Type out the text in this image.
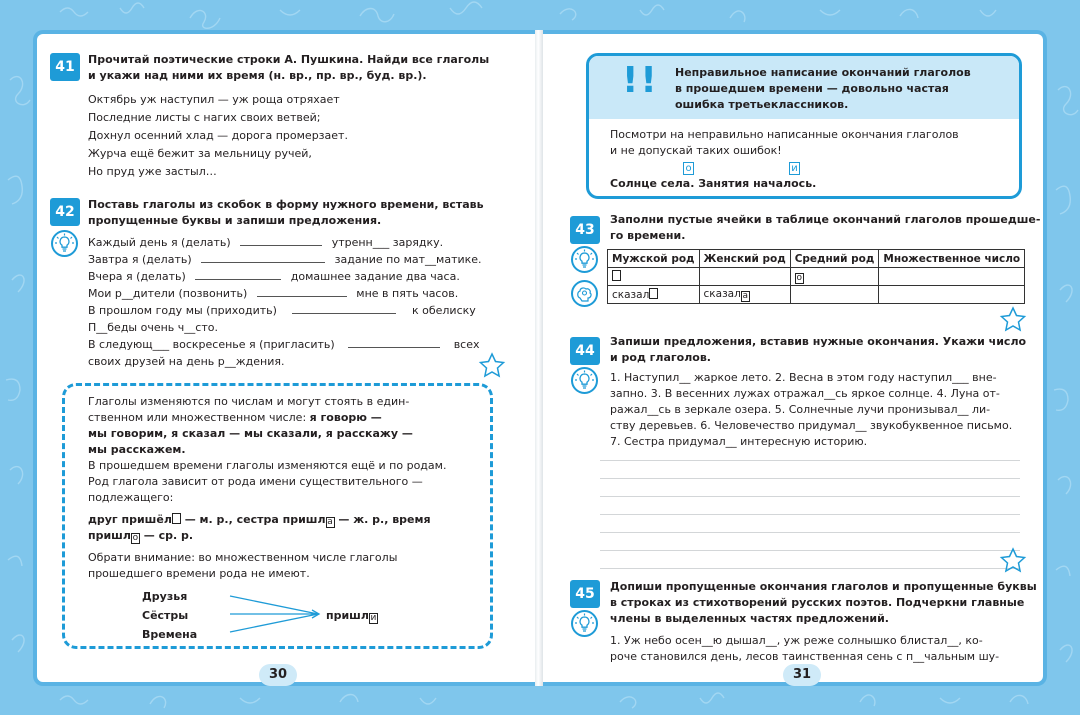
41	Прочитай поэтические строки А. Пушкина. Найди все глаголы
и укажи над ними их время (н. вр., пр. вр., буд. вр.).
Октябрь уж наступил — уж роща отряхает
Последние листы с нагих своих ветвей;
Дохнул осенний хлад — дорога промерзает.
Журча ещё бежит за мельницу ручей,
Но пруд уже застыл…
42	Поставь глаголы из скобок в форму нужного времени, вставь
пропущенные буквы и запиши предложения.
Каждый день я (делать)	утренн___ зарядку.
Завтра я (делать)	задание по мат__матике.
Вчера я (делать)	домашнее задание два часа.
Мои р__дители (позвонить)	мне в пять часов.
В прошлом году мы (приходить)	к обелиску
П__беды очень ч__сто.
В следующ___ воскресенье я (пригласить)	всех
своих друзей на день р__ждения.
Глаголы изменяются по числам и могут стоять в един-
ственном или множественном числе: я говорю —
мы говорим, я сказал — мы сказали, я расскажу —
мы расскажем.
В прошедшем времени глаголы изменяются ещё и по родам.
Род глагола зависит от рода имени существительного —
подлежащего:
друг пришёл — м. р., сестра пришл а — ж. р., время
пришл о — ср. р.
Обрати внимание: во множественном числе глаголы
прошедшего времени рода не имеют.
Друзья
Сёстры
Времена
пришл и
30
!! Неправильное написание окончаний глаголов
в прошедшем времени — довольно частая
ошибка третьеклассников.
Посмотри на неправильно написанные окончания глаголов
и не допускай таких ошибок!
о	и
Солнце села. Занятия началось.
43
Заполни пустые ячейки в таблице окончаний глаголов прошедше-
го времени.
Мужской род	Женский род	Средний род	Множественное число
		о	
сказал	сказал а		
44
Запиши предложения, вставив нужные окончания. Укажи число
и род глаголов.
1. Наступил__ жаркое лето. 2. Весна в этом году наступил___ вне-
запно. 3. В весенних лужах отражал__сь яркое солнце. 4. Луна от-
ражал__сь в зеркале озера. 5. Солнечные лучи пронизывал__ ли-
ству деревьев. 6. Человечество придумал__ звукобуквенное письмо.
7. Сестра придумал__ интересную историю.
45	Допиши пропущенные окончания глаголов и пропущенные буквы
в строках из стихотворений русских поэтов. Подчеркни главные
члены в выделенных частях предложений.
1. Уж небо осен__ю дышал__, уж реже солнышко блистал__, ко-
роче становился день, лесов таинственная сень с п__чальным шу-
31
